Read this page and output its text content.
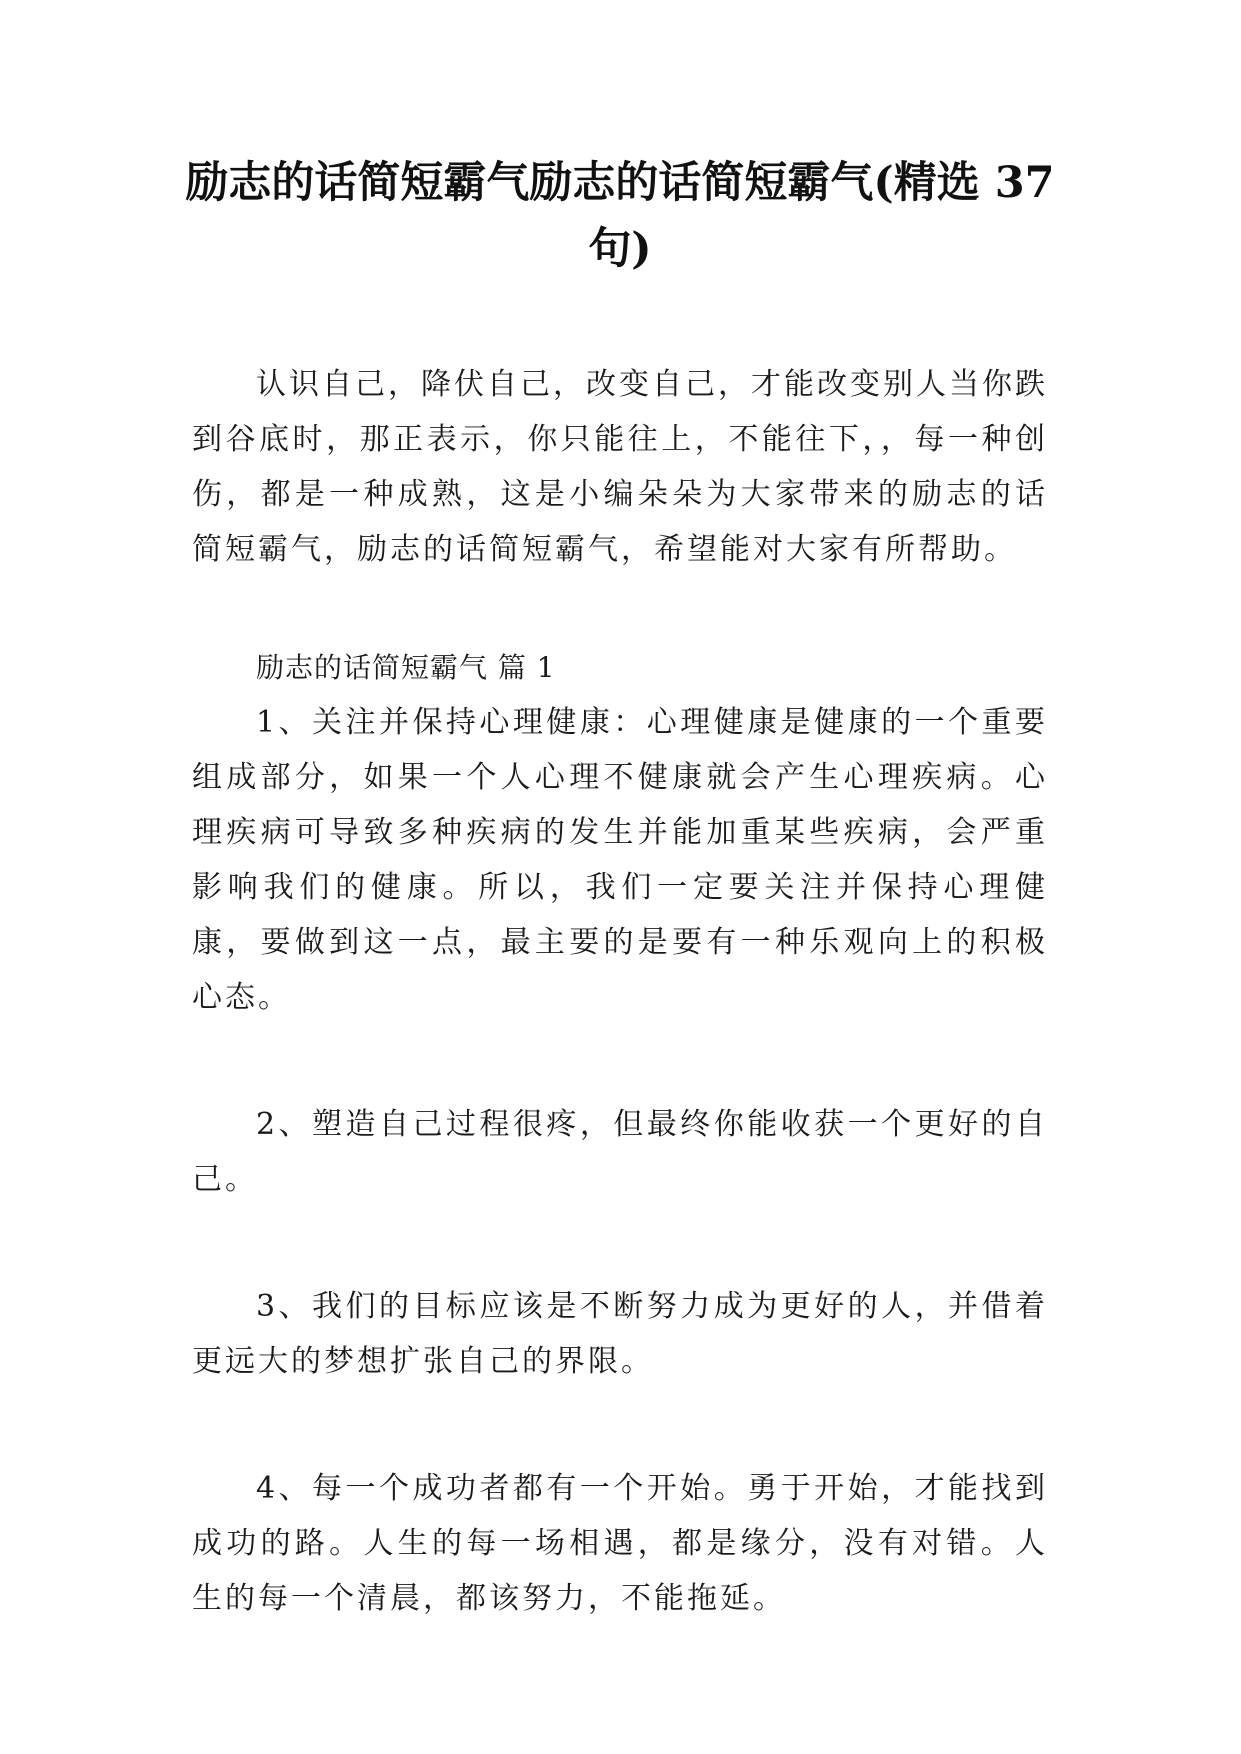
励志的话简短霸气励志的话简短霸气(精选 37 句)

认识自己，降伏自己，改变自己，才能改变别人当你跌到谷底时，那正表示，你只能往上，不能往下，，每一种创伤，都是一种成熟，这是小编朵朵为大家带来的励志的话简短霸气，励志的话简短霸气，希望能对大家有所帮助。

励志的话简短霸气 篇 1

1、关注并保持心理健康：心理健康是健康的一个重要组成部分，如果一个人心理不健康就会产生心理疾病。心理疾病可导致多种疾病的发生并能加重某些疾病，会严重影响我们的健康。所以，我们一定要关注并保持心理健康，要做到这一点，最主要的是要有一种乐观向上的积极心态。

2、塑造自己过程很疼，但最终你能收获一个更好的自己。

3、我们的目标应该是不断努力成为更好的人，并借着更远大的梦想扩张自己的界限。

4、每一个成功者都有一个开始。勇于开始，才能找到成功的路。人生的每一场相遇，都是缘分，没有对错。人生的每一个清晨，都该努力，不能拖延。
